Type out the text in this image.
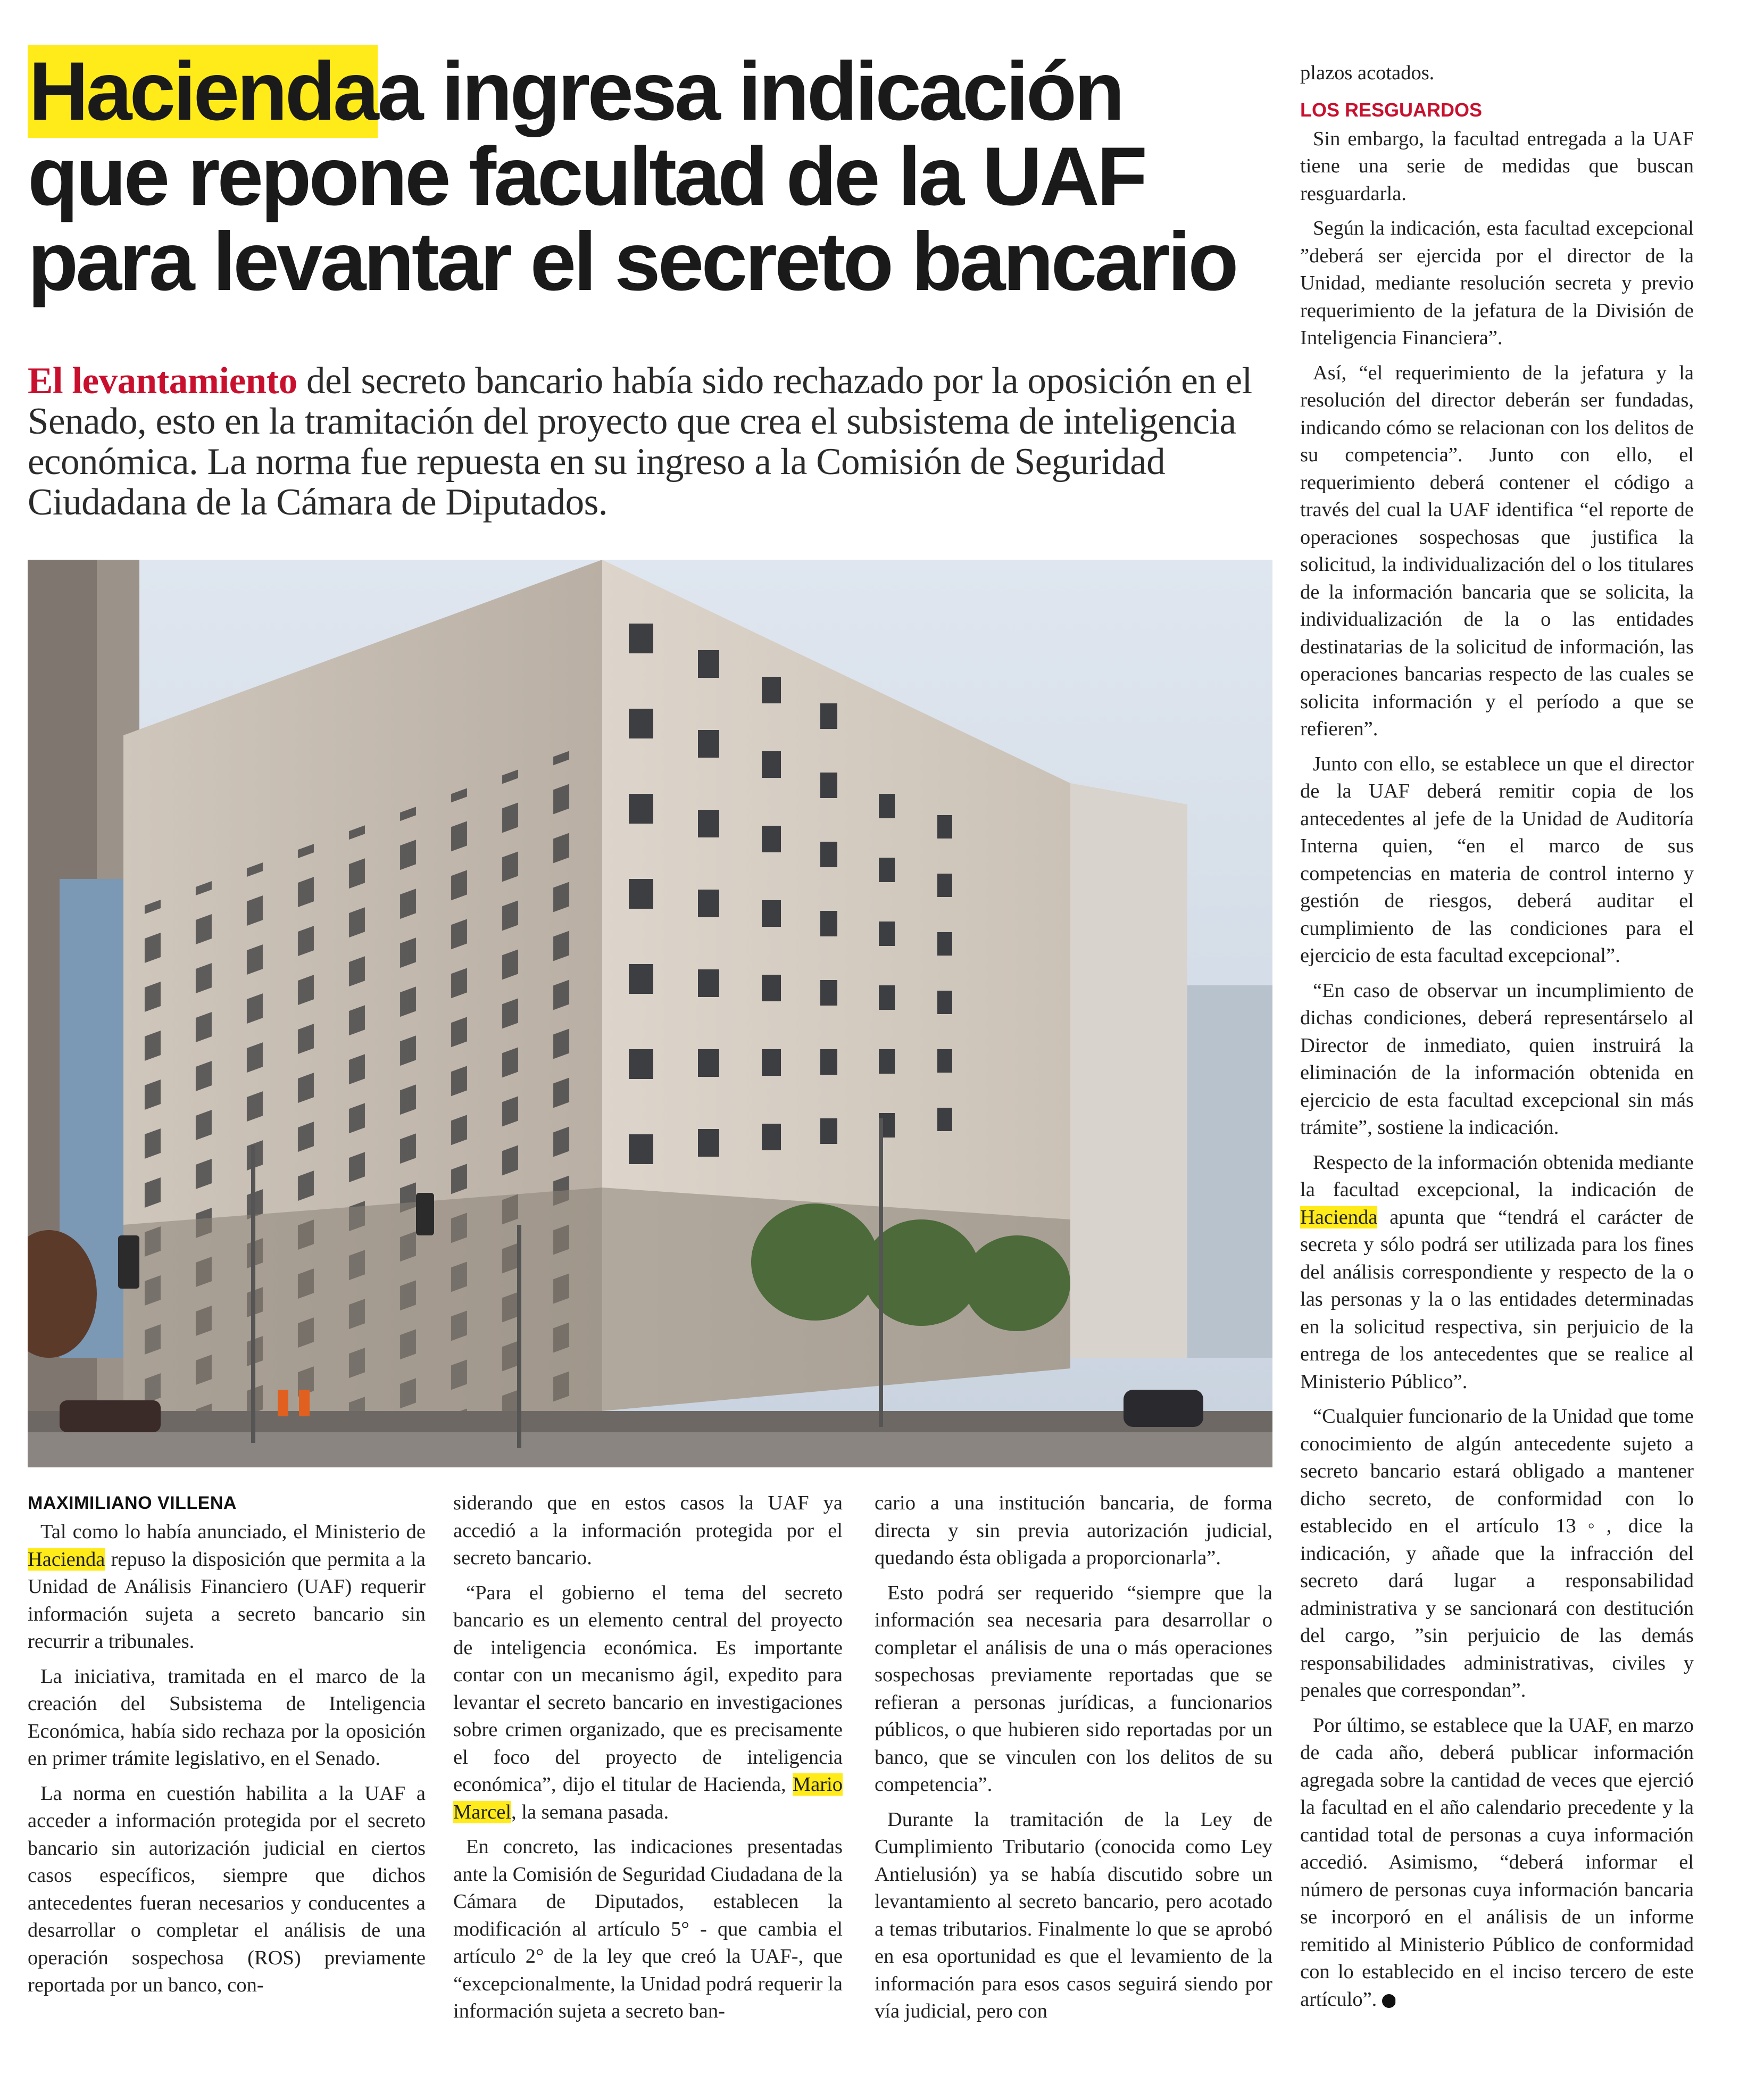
Haciendaa ingresa indicación que repone facultad de la UAF para levantar el secreto bancario

El levantamiento del secreto bancario había sido rechazado por la oposición en el Senado, esto en la tramitación del proyecto que crea el subsistema de inteligencia económica. La norma fue repuesta en su ingreso a la Comisión de Seguridad Ciudadana de la Cámara de Diputados.

MAXIMILIANO VILLENA

Tal como lo había anunciado, el Ministerio de Hacienda repuso la disposición que permita a la Unidad de Análisis Financiero (UAF) requerir información sujeta a secreto bancario sin recurrir a tribunales.

La iniciativa, tramitada en el marco de la creación del Subsistema de Inteligencia Económica, había sido rechaza por la oposición en primer trámite legislativo, en el Senado.

La norma en cuestión habilita a la UAF a acceder a información protegida por el secreto bancario sin autorización judicial en ciertos casos específicos, siempre que dichos antecedentes fueran necesarios y conducentes a desarrollar o completar el análisis de una operación sospechosa (ROS) previamente reportada por un banco, con-

siderando que en estos casos la UAF ya accedió a la información protegida por el secreto bancario.

“Para el gobierno el tema del secreto bancario es un elemento central del proyecto de inteligencia económica. Es importante contar con un mecanismo ágil, expedito para levantar el secreto bancario en investigaciones sobre crimen organizado, que es precisamente el foco del proyecto de inteligencia económica”, dijo el titular de Hacienda, Mario Marcel, la semana pasada.

En concreto, las indicaciones presentadas ante la Comisión de Seguridad Ciudadana de la Cámara de Diputados, establecen la modificación al artículo 5° - que cambia el artículo 2° de la ley que creó la UAF-, que “excepcionalmente, la Unidad podrá requerir la información sujeta a secreto ban-

cario a una institución bancaria, de forma directa y sin previa autorización judicial, quedando ésta obligada a proporcionarla”.

Esto podrá ser requerido “siempre que la información sea necesaria para desarrollar o completar el análisis de una o más operaciones sospechosas previamente reportadas que se refieran a personas jurídicas, a funcionarios públicos, o que hubieren sido reportadas por un banco, que se vinculen con los delitos de su competencia”.

Durante la tramitación de la Ley de Cumplimiento Tributario (conocida como Ley Antielusión) ya se había discutido sobre un levantamiento al secreto bancario, pero acotado a temas tributarios. Finalmente lo que se aprobó en esa oportunidad es que el levamiento de la información para esos casos seguirá siendo por vía judicial, pero con

plazos acotados.

LOS RESGUARDOS

Sin embargo, la facultad entregada a la UAF tiene una serie de medidas que buscan resguardarla.

Según la indicación, esta facultad excepcional ”deberá ser ejercida por el director de la Unidad, mediante resolución secreta y previo requerimiento de la jefatura de la División de Inteligencia Financiera”.

Así, “el requerimiento de la jefatura y la resolución del director deberán ser fundadas, indicando cómo se relacionan con los delitos de su competencia”. Junto con ello, el requerimiento deberá contener el código a través del cual la UAF identifica “el reporte de operaciones sospechosas que justifica la solicitud, la individualización del o los titulares de la información bancaria que se solicita, la individualización de la o las entidades destinatarias de la solicitud de información, las operaciones bancarias respecto de las cuales se solicita información y el período a que se refieren”.

Junto con ello, se establece un que el director de la UAF deberá remitir copia de los antecedentes al jefe de la Unidad de Auditoría Interna quien, “en el marco de sus competencias en materia de control interno y gestión de riesgos, deberá auditar el cumplimiento de las condiciones para el ejercicio de esta facultad excepcional”.

“En caso de observar un incumplimiento de dichas condiciones, deberá representárselo al Director de inmediato, quien instruirá la eliminación de la información obtenida en ejercicio de esta facultad excepcional sin más trámite”, sostiene la indicación.

Respecto de la información obtenida mediante la facultad excepcional, la indicación de Hacienda apunta que “tendrá el carácter de secreta y sólo podrá ser utilizada para los fines del análisis correspondiente y respecto de la o las personas y la o las entidades determinadas en la solicitud respectiva, sin perjuicio de la entrega de los antecedentes que se realice al Ministerio Público”.

“Cualquier funcionario de la Unidad que tome conocimiento de algún antecedente sujeto a secreto bancario estará obligado a mantener dicho secreto, de conformidad con lo establecido en el artículo 13◦, dice la indicación, y añade que la infracción del secreto dará lugar a responsabilidad administrativa y se sancionará con destitución del cargo, ”sin perjuicio de las demás responsabilidades administrativas, civiles y penales que correspondan”.

Por último, se establece que la UAF, en marzo de cada año, deberá publicar información agregada sobre la cantidad de veces que ejerció la facultad en el año calendario precedente y la cantidad total de personas a cuya información accedió. Asimismo, “deberá informar el número de personas cuya información bancaria se incorporó en el análisis de un informe remitido al Ministerio Público de conformidad con lo establecido en el inciso tercero de este artículo”. P
